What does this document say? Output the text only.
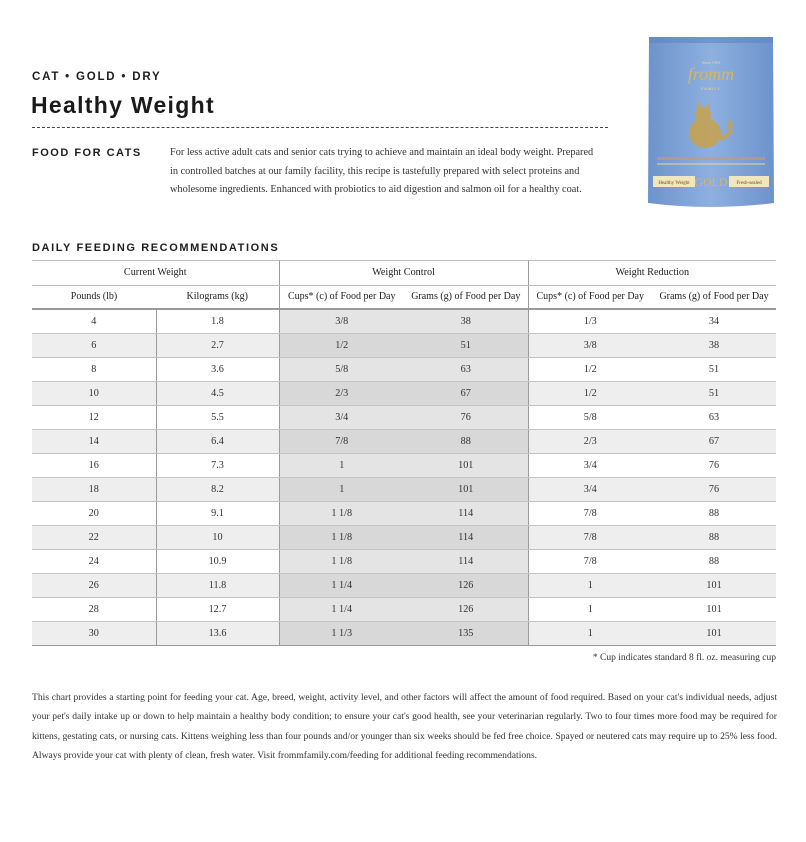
CAT • GOLD • DRY
Healthy Weight
FOOD FOR CATS	For less active adult cats and senior cats trying to achieve and maintain an ideal body weight. Prepared in controlled batches at our family facility, this recipe is tastefully prepared with select proteins and wholesome ingredients. Enhanced with probiotics to aid digestion and salmon oil for a healthy coat.

Since 1904
fromm
FAMILY
Healthy Weight GOLD Fresh-sealed
DAILY FEEDING RECOMMENDATIONS
Current Weight		Weight Control		Weight Reduction	
Pounds (lb)	Kilograms (kg)	Cups* (c) of Food per Day	Grams (g) of Food per Day	Cups* (c) of Food per Day	Grams (g) of Food per Day
4	1.8	3/8	38	1/3	34
6	2.7	1/2	51	3/8	38
8	3.6	5/8	63	1/2	51
10	4.5	2/3	67	1/2	51
12	5.5	3/4	76	5/8	63
14	6.4	7/8	88	2/3	67
16	7.3	1	101	3/4	76
18	8.2	1	101	3/4	76
20	9.1	1 1/8	114	7/8	88
22	10	1 1/8	114	7/8	88
24	10.9	1 1/8	114	7/8	88
26	11.8	1 1/4	126	1	101
28	12.7	1 1/4	126	1	101
30	13.6	1 1/3	135	1	101
* Cup indicates standard 8 fl. oz. measuring cup

This chart provides a starting point for feeding your cat. Age, breed, weight, activity level, and other factors will affect the amount of food required. Based on your cat's individual needs, adjust your pet's daily intake up or down to help maintain a healthy body condition; to ensure your cat's good health, see your veterinarian regularly. Two to four times more food may be required for kittens, gestating cats, or nursing cats. Kittens weighing less than four pounds and/or younger than six weeks should be fed free choice. Spayed or neutered cats may require up to 25% less food. Always provide your cat with plenty of clean, fresh water. Visit frommfamily.com/feeding for additional feeding recommendations.
